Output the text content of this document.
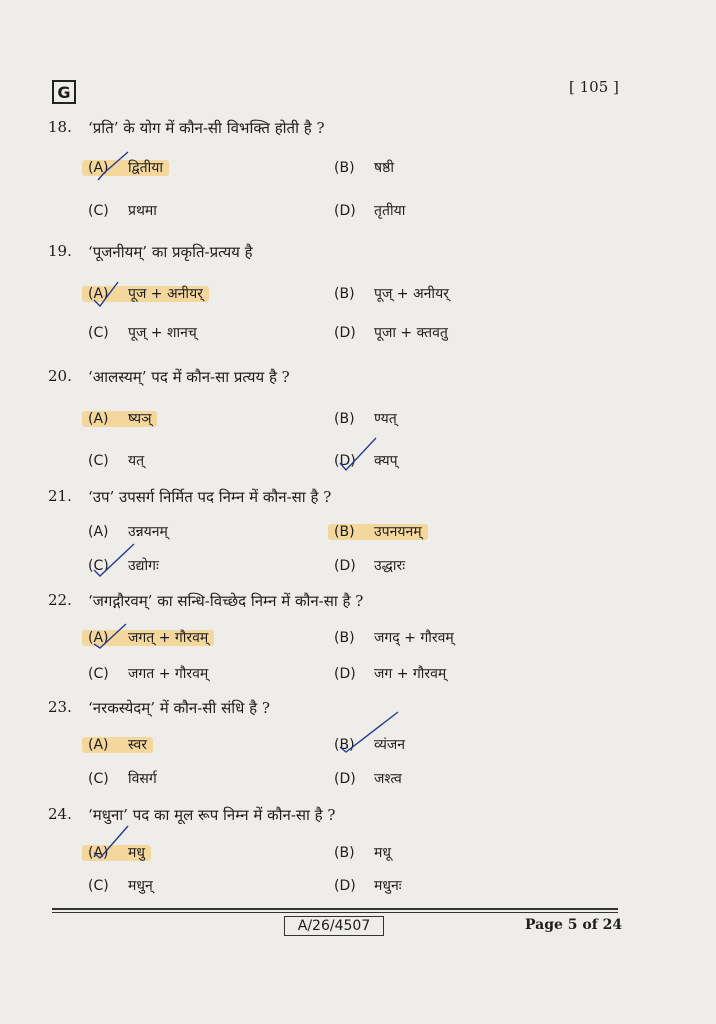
G	[ 105 ]
18.	‘प्रति’ के योग में कौन-सी विभक्ति होती है ?
(A) द्वितीया	(B) षष्ठी
(C) प्रथमा	(D) तृतीया
19.	‘पूजनीयम्’ का प्रकृति-प्रत्यय है
(A) पूज + अनीयर्	(B) पूज् + अनीयर्
(C) पूज् + शानच्	(D) पूजा + क्तवतु
20.	‘आलस्यम्’ पद में कौन-सा प्रत्यय है ?
(A) ष्यञ्	(B) ण्यत्
(C) यत्	(D) क्यप्
21.	‘उप’ उपसर्ग निर्मित पद निम्न में कौन-सा है ?
(A) उन्नयनम्	(B) उपनयनम्
(C) उद्योगः	(D) उद्धारः
22.	‘जगद्गौरवम्’ का सन्धि-विच्छेद निम्न में कौन-सा है ?
(A) जगत् + गौरवम्	(B) जगद् + गौरवम्
(C) जगत + गौरवम्	(D) जग + गौरवम्
23.	‘नरकस्येदम्’ में कौन-सी संधि है ?
(A) स्वर	(B) व्यंजन
(C) विसर्ग	(D) जश्त्व
24.	‘मधुना’ पद का मूल रूप निम्न में कौन-सा है ?
(A) मधु	(B) मधू
(C) मधुन्	(D) मधुनः
A/26/4507	Page 5 of 24
